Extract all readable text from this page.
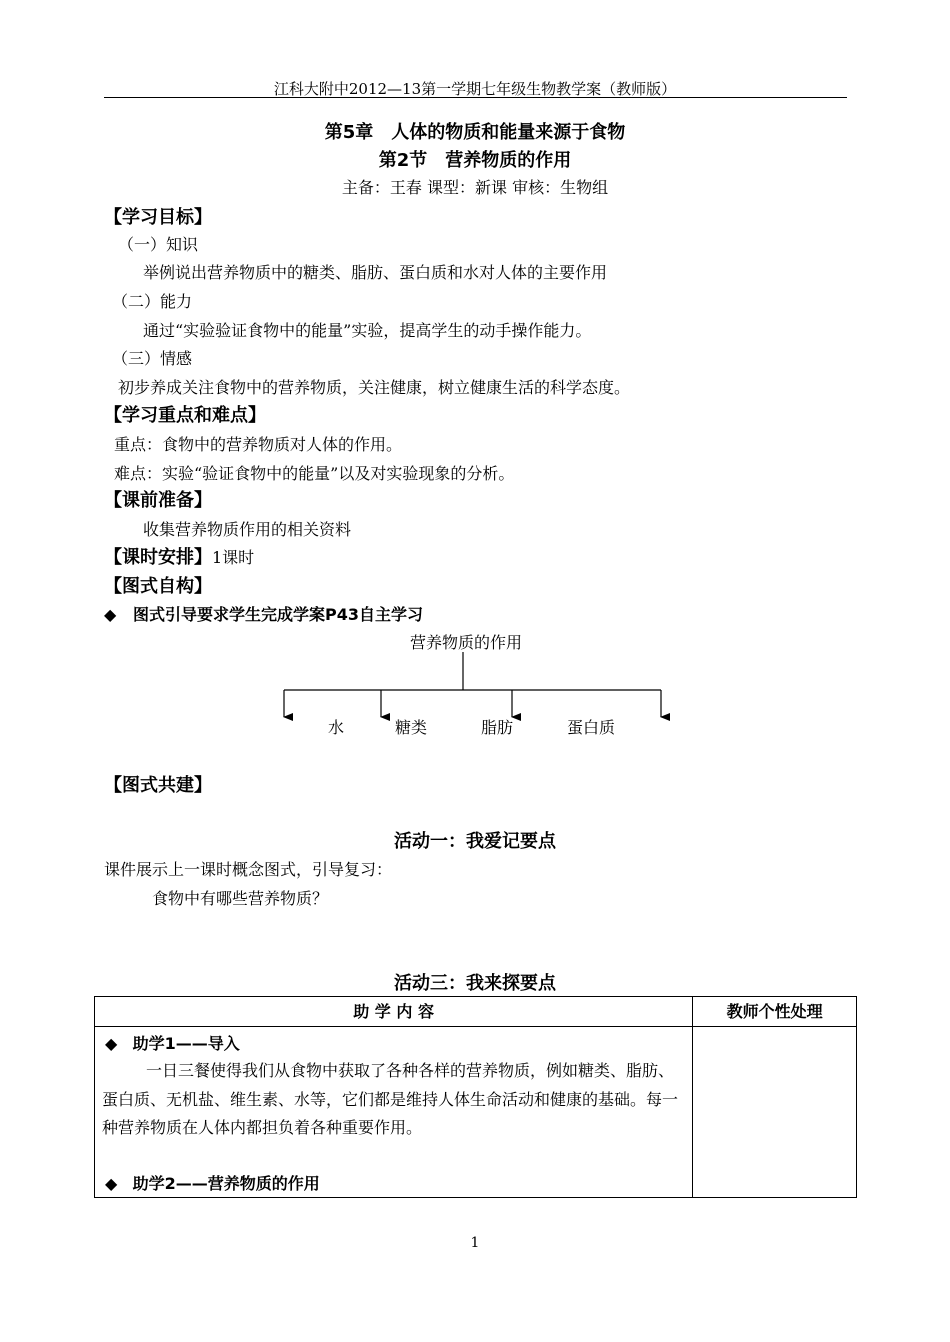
江科大附中2012—13第一学期七年级生物教学案（教师版）
第5章　人体的物质和能量来源于食物
第2节　营养物质的作用
主备：王春 课型：新课 审核：生物组
【学习目标】
（一）知识
举例说出营养物质中的糖类、脂肪、蛋白质和水对人体的主要作用
（二）能力
通过“实验验证食物中的能量”实验，提高学生的动手操作能力。
（三）情感
初步养成关注食物中的营养物质，关注健康，树立健康生活的科学态度。
【学习重点和难点】
重点：食物中的营养物质对人体的作用。
难点：实验“验证食物中的能量”以及对实验现象的分析。
【课前准备】
收集营养物质作用的相关资料
【课时安排】1课时
【图式自构】
◆ 图式引导要求学生完成学案P43自主学习
营养物质的作用
水	糖类	脂肪	蛋白质
【图式共建】
活动一：我爱记要点
课件展示上一课时概念图式，引导复习：
食物中有哪些营养物质？
活动三：我来探要点
助 学 内 容	教师个性处理

◆ 助学1——导入
一日三餐使得我们从食物中获取了各种各样的营养物质，例如糖类、脂肪、蛋白质、无机盐、维生素、水等，它们都是维持人体生命活动和健康的基础。每一种营养物质在人体内都担负着各种重要作用。
◆ 助学2——营养物质的作用	

1
